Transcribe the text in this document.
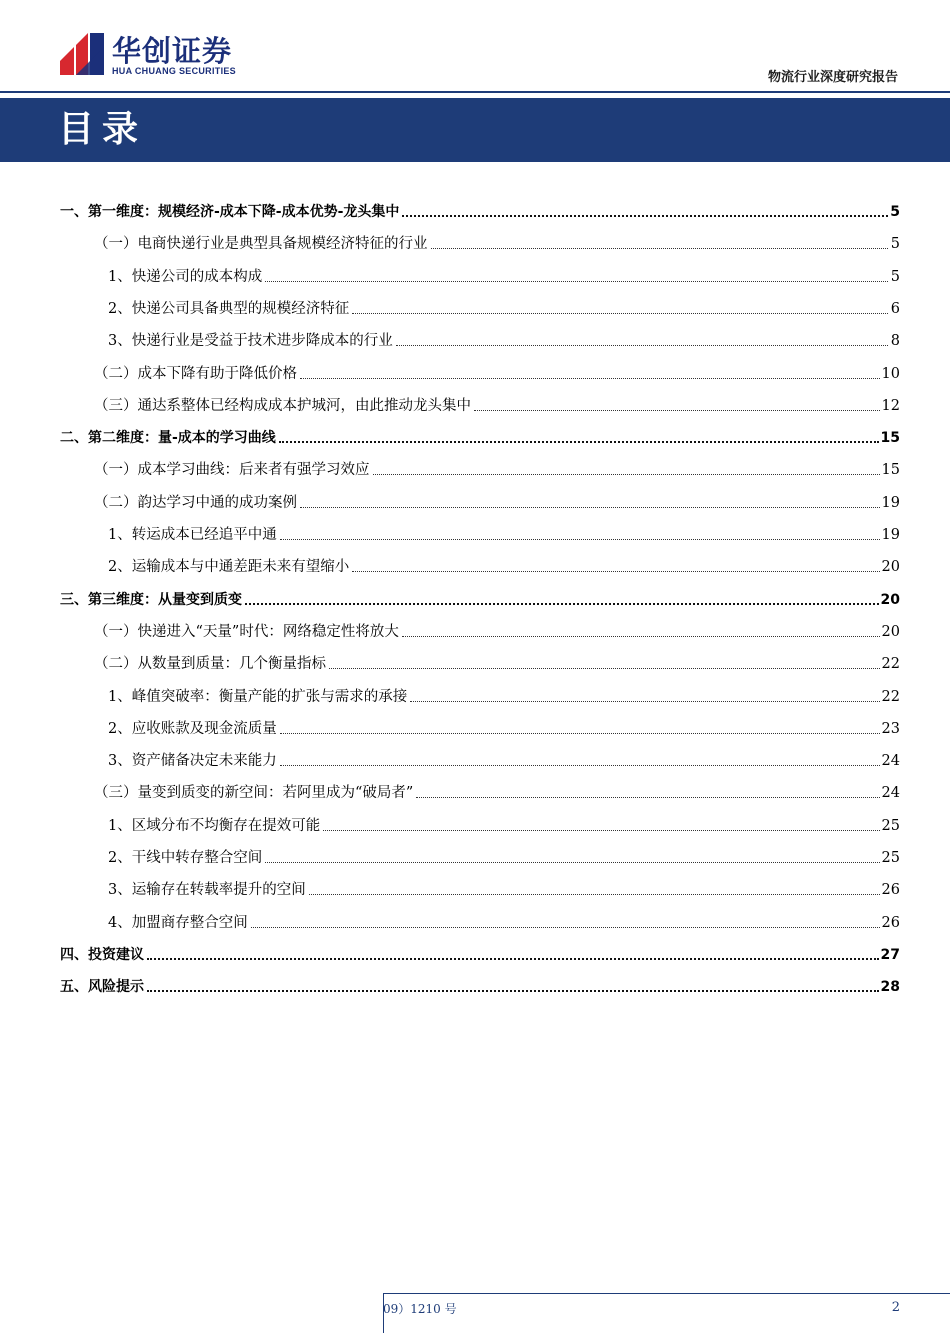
华创证券
HUA CHUANG SECURITIES	物流行业深度研究报告
目录
一、第一维度：规模经济-成本下降-成本优势-龙头集中	5
（一）电商快递行业是典型具备规模经济特征的行业	5
1、快递公司的成本构成	5
2、快递公司具备典型的规模经济特征	6
3、快递行业是受益于技术进步降成本的行业	8
（二）成本下降有助于降低价格	10
（三）通达系整体已经构成成本护城河，由此推动龙头集中	12
二、第二维度：量-成本的学习曲线	15
（一）成本学习曲线：后来者有强学习效应	15
（二）韵达学习中通的成功案例	19
1、转运成本已经追平中通	19
2、运输成本与中通差距未来有望缩小	20
三、第三维度：从量变到质变	20
（一）快递进入“天量”时代：网络稳定性将放大	20
（二）从数量到质量：几个衡量指标	22
1、峰值突破率：衡量产能的扩张与需求的承接	22
2、应收账款及现金流质量	23
3、资产储备决定未来能力	24
（三）量变到质变的新空间：若阿里成为“破局者”	24
1、区域分布不均衡存在提效可能	25
2、干线中转存整合空间	25
3、运输存在转载率提升的空间	26
4、加盟商存整合空间	26
四、投资建议	27
五、风险提示	28
09）1210 号	2
